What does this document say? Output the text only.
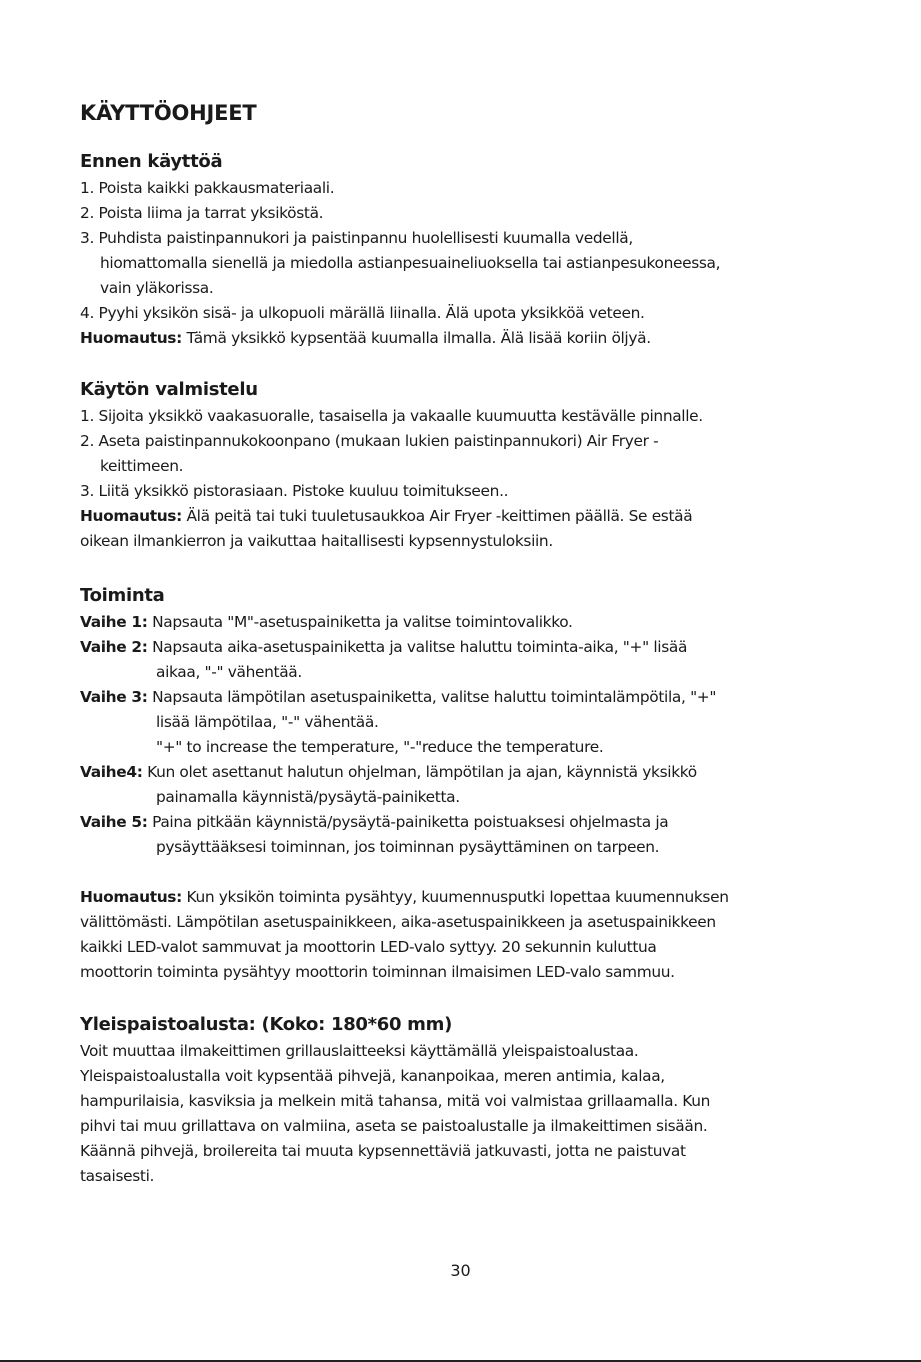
KÄYTTÖOHJEET
Ennen käyttöä
1. Poista kaikki pakkausmateriaali.
2. Poista liima ja tarrat yksiköstä.
3. Puhdista paistinpannukori ja paistinpannu huolellisesti kuumalla vedellä,
hiomattomalla sienellä ja miedolla astianpesuaineliuoksella tai astianpesukoneessa,
vain yläkorissa.
4. Pyyhi yksikön sisä- ja ulkopuoli märällä liinalla. Älä upota yksikköä veteen.
Huomautus: Tämä yksikkö kypsentää kuumalla ilmalla. Älä lisää koriin öljyä.
Käytön valmistelu
1. Sijoita yksikkö vaakasuoralle, tasaisella ja vakaalle kuumuutta kestävälle pinnalle.
2. Aseta paistinpannukokoonpano (mukaan lukien paistinpannukori) Air Fryer -
keittimeen.
3. Liitä yksikkö pistorasiaan. Pistoke kuuluu toimitukseen..
Huomautus: Älä peitä tai tuki tuuletusaukkoa Air Fryer -keittimen päällä. Se estää
oikean ilmankierron ja vaikuttaa haitallisesti kypsennystuloksiin.
Toiminta
Vaihe 1: Napsauta "M"-asetuspainiketta ja valitse toimintovalikko.
Vaihe 2: Napsauta aika-asetuspainiketta ja valitse haluttu toiminta-aika, "+" lisää
aikaa, "-" vähentää.
Vaihe 3: Napsauta lämpötilan asetuspainiketta, valitse haluttu toimintalämpötila, "+"
lisää lämpötilaa, "-" vähentää.
"+" to increase the temperature, "-"reduce the temperature.
Vaihe4: Kun olet asettanut halutun ohjelman, lämpötilan ja ajan, käynnistä yksikkö
painamalla käynnistä/pysäytä-painiketta.
Vaihe 5: Paina pitkään käynnistä/pysäytä-painiketta poistuaksesi ohjelmasta ja
pysäyttääksesi toiminnan, jos toiminnan pysäyttäminen on tarpeen.
Huomautus: Kun yksikön toiminta pysähtyy, kuumennusputki lopettaa kuumennuksen
välittömästi. Lämpötilan asetuspainikkeen, aika-asetuspainikkeen ja asetuspainikkeen
kaikki LED-valot sammuvat ja moottorin LED-valo syttyy. 20 sekunnin kuluttua
moottorin toiminta pysähtyy moottorin toiminnan ilmaisimen LED-valo sammuu.
Yleispaistoalusta: (Koko: 180*60 mm)
Voit muuttaa ilmakeittimen grillauslaitteeksi käyttämällä yleispaistoalustaa.
Yleispaistoalustalla voit kypsentää pihvejä, kananpoikaa, meren antimia, kalaa,
hampurilaisia, kasviksia ja melkein mitä tahansa, mitä voi valmistaa grillaamalla. Kun
pihvi tai muu grillattava on valmiina, aseta se paistoalustalle ja ilmakeittimen sisään.
Käännä pihvejä, broilereita tai muuta kypsennettäviä jatkuvasti, jotta ne paistuvat
tasaisesti.
30
